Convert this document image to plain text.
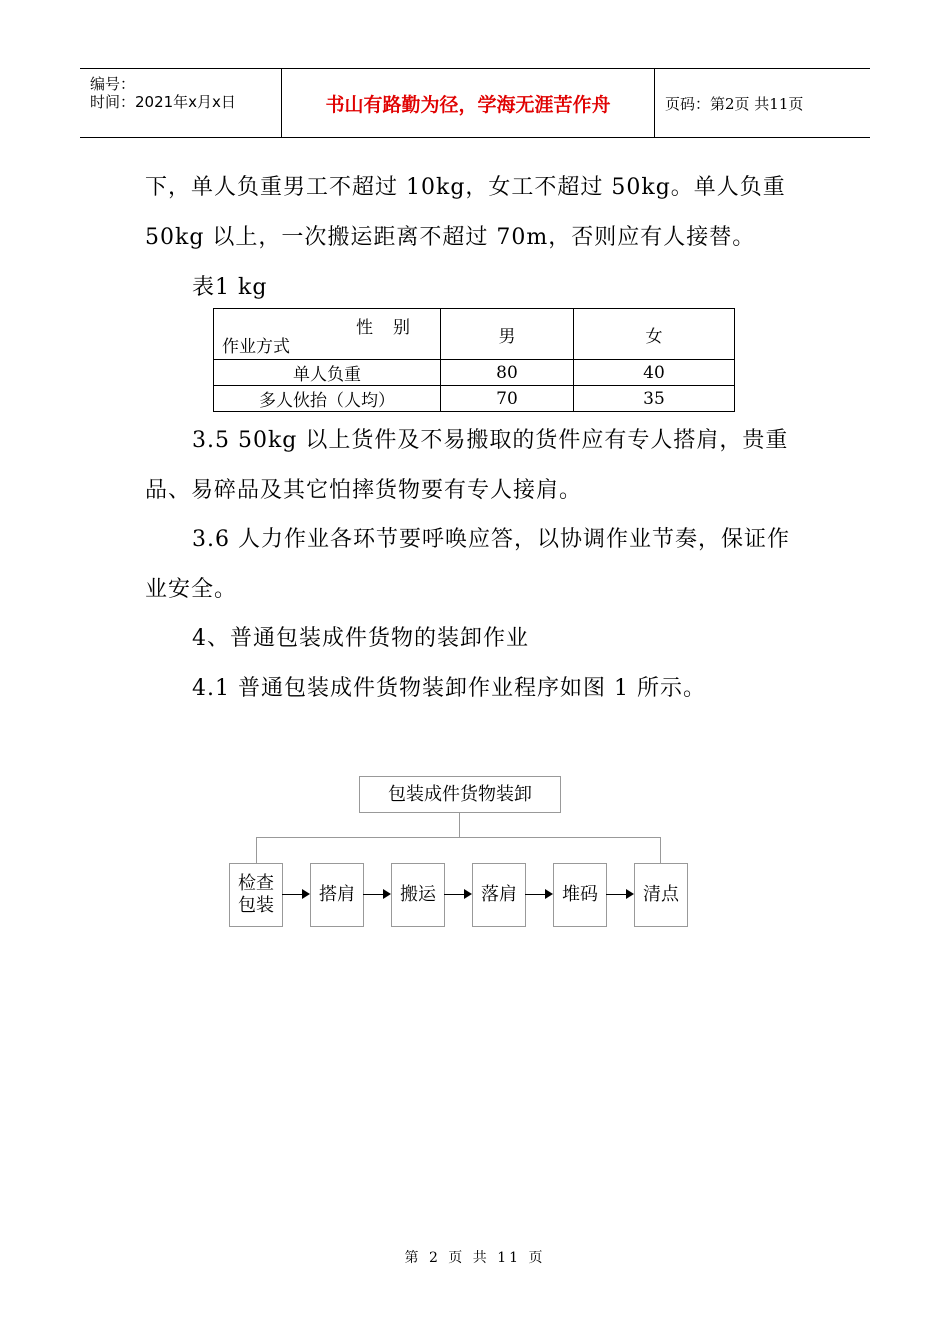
编号：
时间：2021年x月x日	书山有路勤为径，学海无涯苦作舟	页码：第2页 共11页
下，单人负重男工不超过 10kg，女工不超过 50kg。单人负重
50kg 以上，一次搬运距离不超过 70m，否则应有人接替。
表1 kg
性别
作业方式	男	女
单人负重	80	40
多人伙抬（人均）	70	35
3.5 50kg 以上货件及不易搬取的货件应有专人搭肩，贵重
品、易碎品及其它怕摔货物要有专人接肩。
3.6 人力作业各环节要呼唤应答，以协调作业节奏，保证作
业安全。
4、普通包装成件货物的装卸作业
4.1 普通包装成件货物装卸作业程序如图 1 所示。
包装成件货物装卸
检查包装
搭肩	搬运	落肩	堆码	清点
第 2 页 共 11 页
